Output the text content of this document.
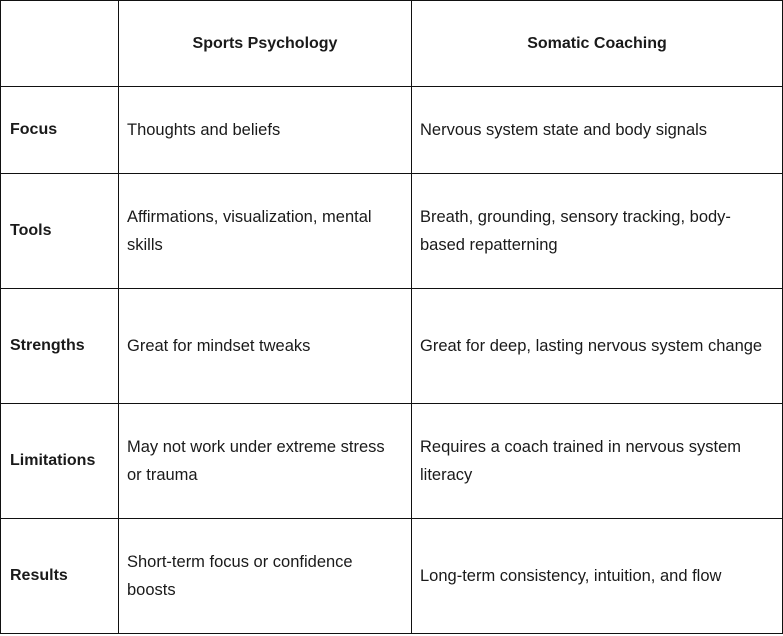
	Sports Psychology	Somatic Coaching
Focus	Thoughts and beliefs	Nervous system state and body signals
Tools	Affirmations, visualization, mental skills	Breath, grounding, sensory tracking, body-based repatterning
Strengths	Great for mindset tweaks	Great for deep, lasting nervous system change
Limitations	May not work under extreme stress or trauma	Requires a coach trained in nervous system literacy
Results	Short-term focus or confidence boosts	Long-term consistency, intuition, and flow
